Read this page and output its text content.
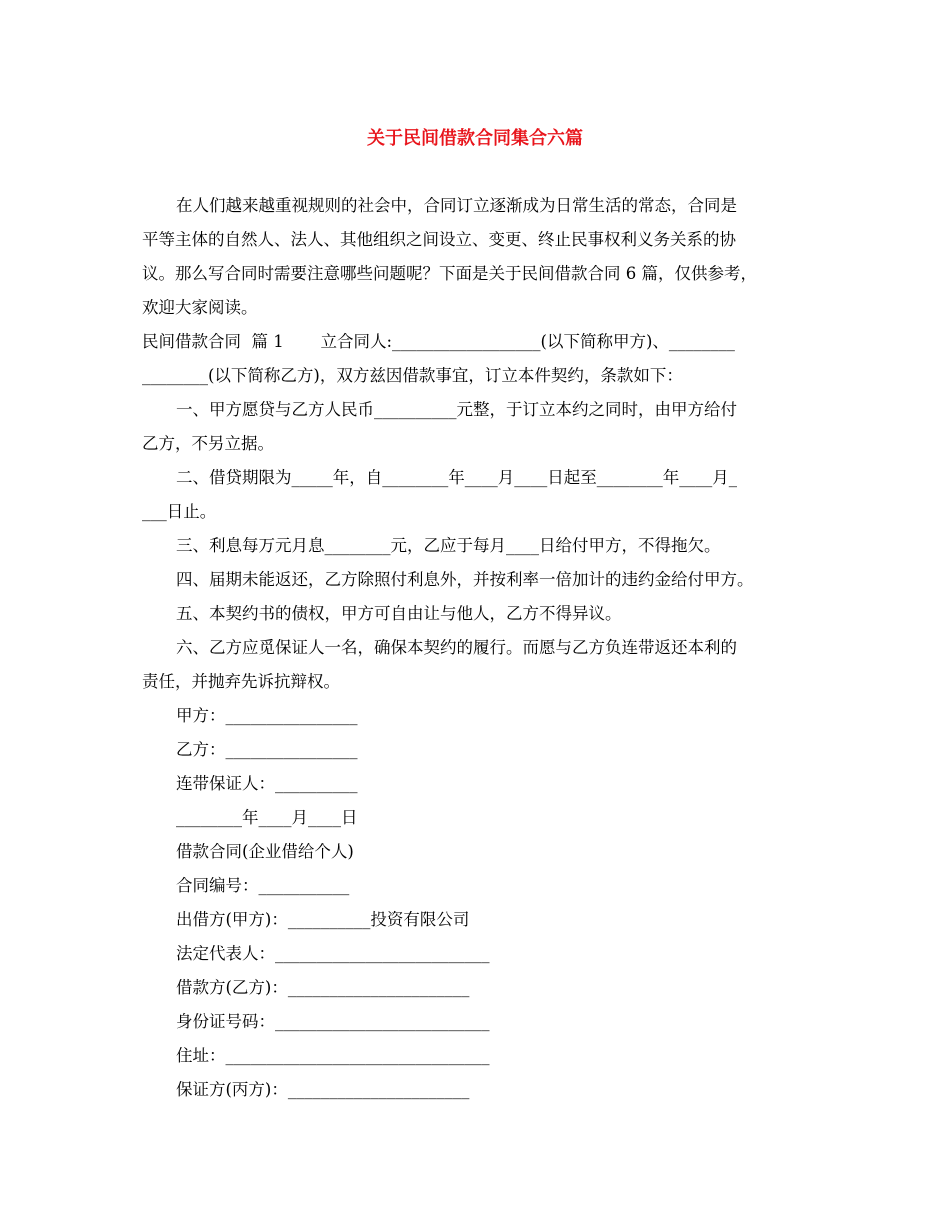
关于民间借款合同集合六篇
在人们越来越重视规则的社会中，合同订立逐渐成为日常生活的常态，合同是
平等主体的自然人、法人、其他组织之间设立、变更、终止民事权利义务关系的协
议。那么写合同时需要注意哪些问题呢？下面是关于民间借款合同 6 篇，仅供参考，
欢迎大家阅读。
民间借款合同  篇 1       立合同人:__________________(以下简称甲方)、________
________(以下简称乙方)，双方兹因借款事宜，订立本件契约，条款如下：
一、甲方愿贷与乙方人民币__________元整，于订立本约之同时，由甲方给付
乙方，不另立据。
二、借贷期限为_____年，自________年____月____日起至________年____月_
___日止。
三、利息每万元月息________元，乙应于每月____日给付甲方，不得拖欠。
四、届期未能返还，乙方除照付利息外，并按利率一倍加计的违约金给付甲方。
五、本契约书的债权，甲方可自由让与他人，乙方不得异议。
六、乙方应觅保证人一名，确保本契约的履行。而愿与乙方负连带返还本利的
责任，并抛弃先诉抗辩权。
甲方：________________
乙方：________________
连带保证人：__________
________年____月____日
借款合同(企业借给个人)
合同编号：___________
出借方(甲方)：__________投资有限公司
法定代表人：__________________________
借款方(乙方)：______________________
身份证号码：__________________________
住址：________________________________
保证方(丙方)：______________________
